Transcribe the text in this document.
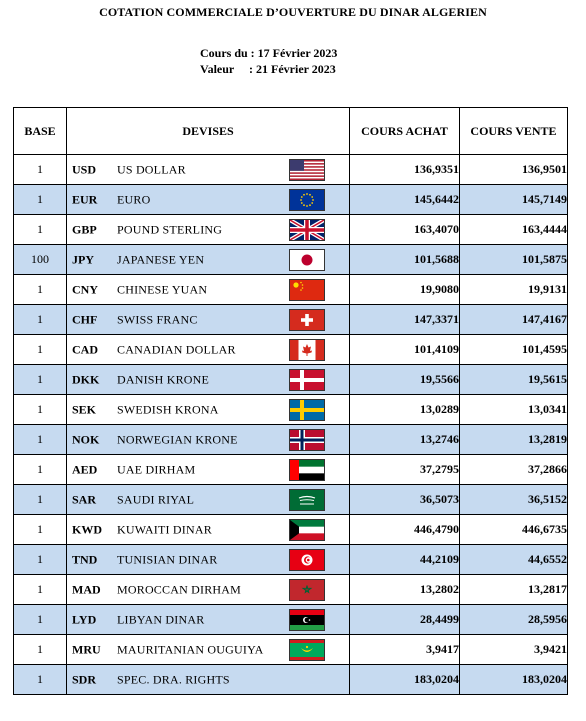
COTATION COMMERCIALE D’OUVERTURE DU DINAR ALGERIEN
Cours du : 17 Février 2023
Valeur     : 21 Février 2023
BASE	DEVISES	COURS ACHAT	COURS VENTE
1	USD US DOLLAR	136,9351	136,9501
1	EUR EURO	145,6442	145,7149
1	GBP POUND STERLING	163,4070	163,4444
100	JPY JAPANESE YEN	101,5688	101,5875
1	CNY CHINESE YUAN	19,9080	19,9131
1	CHF SWISS FRANC	147,3371	147,4167
1	CAD CANADIAN DOLLAR	101,4109	101,4595
1	DKK DANISH KRONE	19,5566	19,5615
1	SEK SWEDISH KRONA	13,0289	13,0341
1	NOK NORWEGIAN KRONE	13,2746	13,2819
1	AED UAE DIRHAM	37,2795	37,2866
1	SAR SAUDI RIYAL	36,5073	36,5152
1	KWD KUWAITI DINAR	446,4790	446,6735
1	TND TUNISIAN DINAR	44,2109	44,6552
1	MAD MOROCCAN DIRHAM	13,2802	13,2817
1	LYD LIBYAN DINAR	28,4499	28,5956
1	MRU MAURITANIAN OUGUIYA	3,9417	3,9421
1	SDR SPEC. DRA. RIGHTS	183,0204	183,0204
